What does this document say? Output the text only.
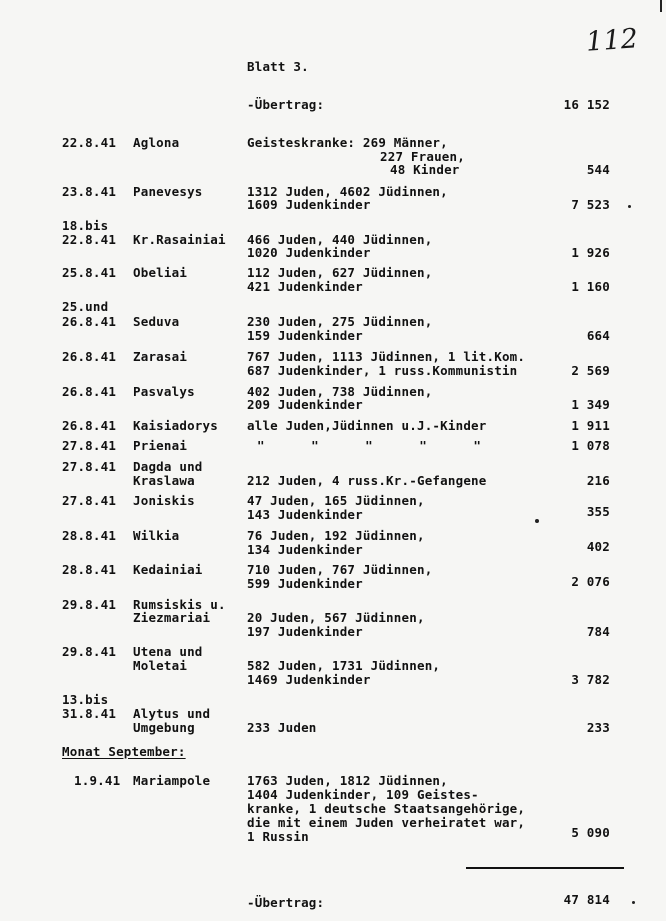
112
Blatt 3.
-Übertrag:	16 152
22.8.41 Aglona	Geisteskranke: 269 Männer,
227 Frauen,
48 Kinder	544
23.8.41 Panevesys	1312 Juden, 4602 Jüdinnen,
1609 Judenkinder	7 523
18.bis
22.8.41 Kr.Rasainiai 466 Juden, 440 Jüdinnen,
1020 Judenkinder	1 926
25.8.41 Obeliai	112 Juden, 627 Jüdinnen,
421 Judenkinder	1 160
25.und
26.8.41 Seduva	230 Juden, 275 Jüdinnen,
159 Judenkinder	664
26.8.41 Zarasai	767 Juden, 1113 Jüdinnen, 1 lit.Kom.
687 Judenkinder, 1 russ.Kommunistin	2 569
26.8.41 Pasvalys	402 Juden, 738 Jüdinnen,
209 Judenkinder	1 349
26.8.41 Kaisiadorys alle Juden,Jüdinnen u.J.-Kinder	1 911
27.8.41 Prienai	"      "      "      "      "	1 078
27.8.41 Dagda und
Kraslawa	212 Juden, 4 russ.Kr.-Gefangene	216
27.8.41 Joniskis	47 Juden, 165 Jüdinnen,
143 Judenkinder	355
28.8.41 Wilkia	76 Juden, 192 Jüdinnen,
134 Judenkinder	402
28.8.41 Kedainiai	710 Juden, 767 Jüdinnen,
599 Judenkinder	2 076
29.8.41 Rumsiskis u.
Ziezmariai	20 Juden, 567 Jüdinnen,
197 Judenkinder	784
29.8.41 Utena und
Moletai	582 Juden, 1731 Jüdinnen,
1469 Judenkinder	3 782
13.bis
31.8.41 Alytus und
Umgebung	233 Juden	233
Monat September:
1.9.41 Mariampole	1763 Juden, 1812 Jüdinnen,
1404 Judenkinder, 109 Geistes-
kranke, 1 deutsche Staatsangehörige,
die mit einem Juden verheiratet war,
1 Russin	5 090
-Übertrag:	47 814
